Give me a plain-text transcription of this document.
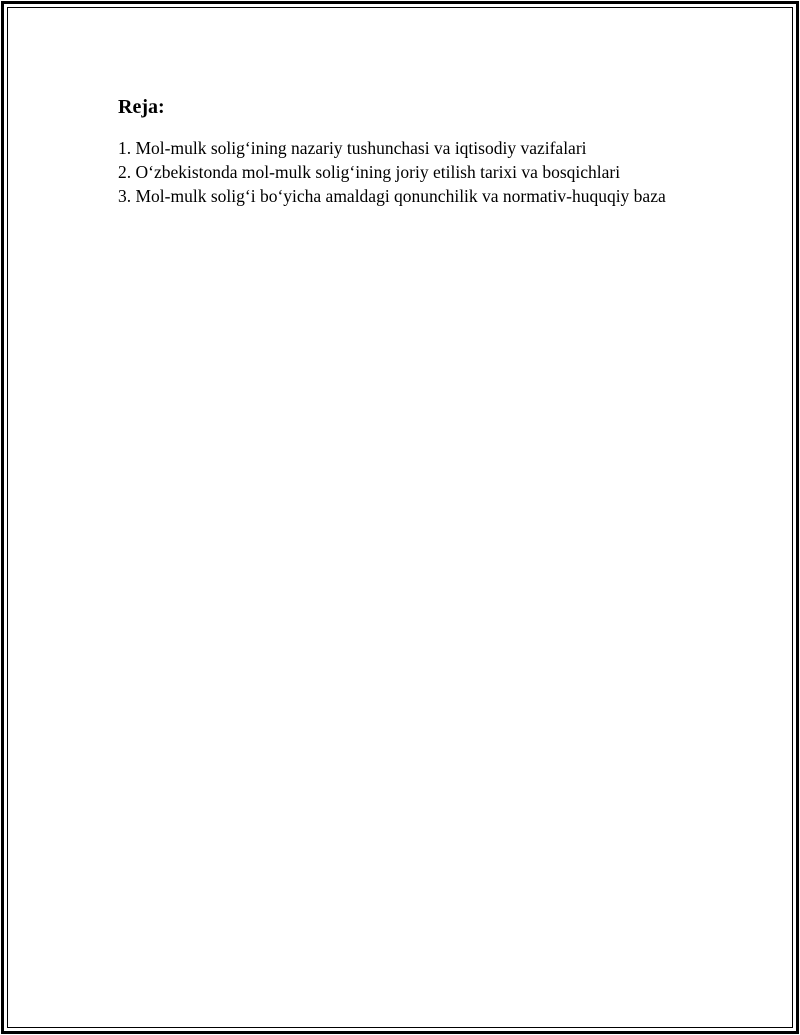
Reja:
1. Mol-mulk solig‘ining nazariy tushunchasi va iqtisodiy vazifalari
2. O‘zbekistonda mol-mulk solig‘ining joriy etilish tarixi va bosqichlari
3. Mol-mulk solig‘i bo‘yicha amaldagi qonunchilik va normativ-huquqiy baza
